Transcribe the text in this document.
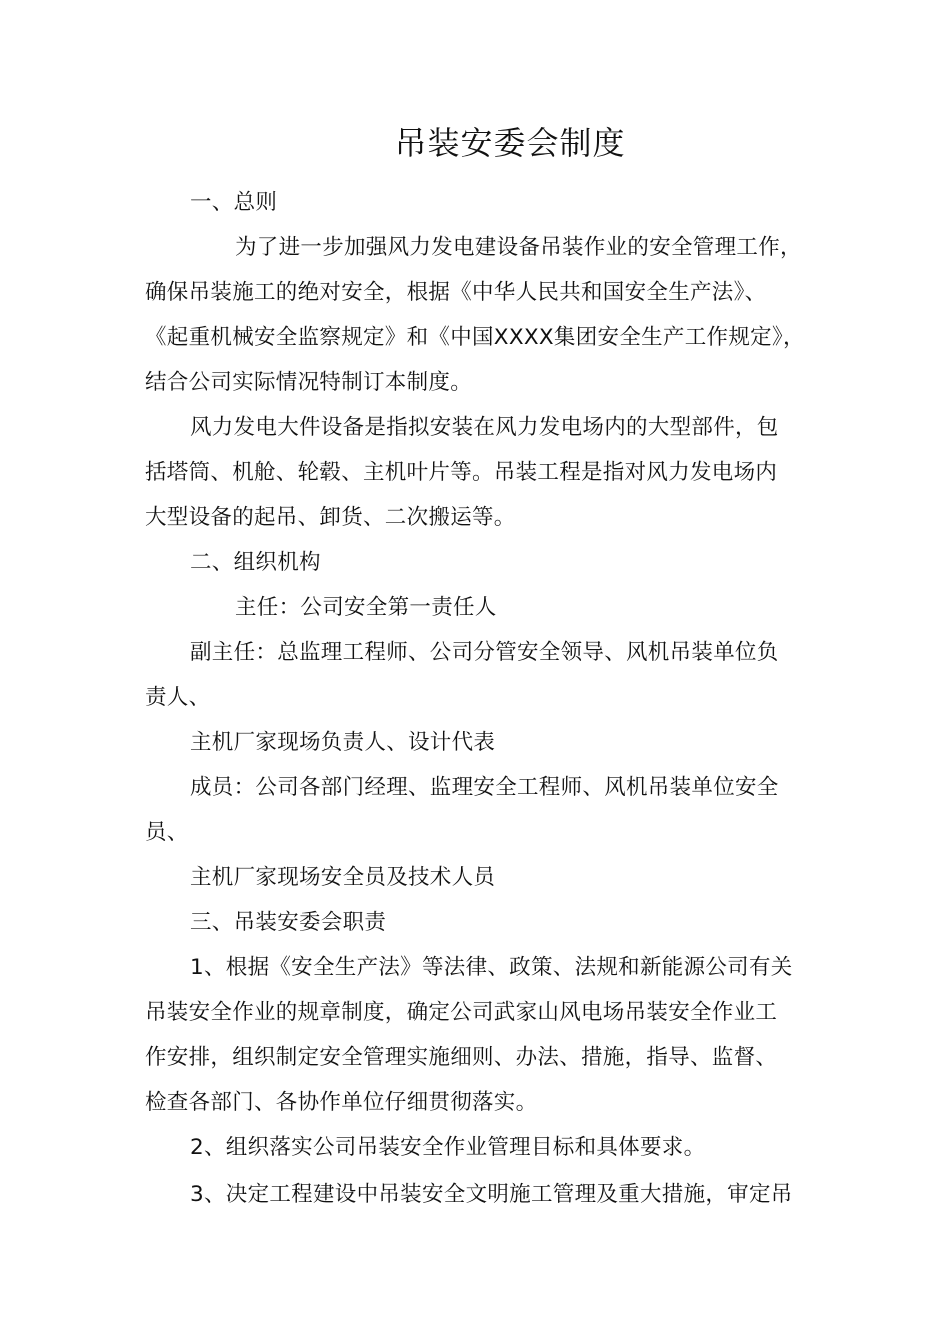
吊装安委会制度
一、总则
为了进一步加强风力发电建设备吊装作业的安全管理工作，
确保吊装施工的绝对安全，根据《中华人民共和国安全生产法》、
《起重机械安全监察规定》和《中国XXXX集团安全生产工作规定》，
结合公司实际情况特制订本制度。
风力发电大件设备是指拟安装在风力发电场内的大型部件，包
括塔筒、机舱、轮毂、主机叶片等。吊装工程是指对风力发电场内
大型设备的起吊、卸货、二次搬运等。
二、组织机构
主任：公司安全第一责任人
副主任：总监理工程师、公司分管安全领导、风机吊装单位负
责人、
主机厂家现场负责人、设计代表
成员：公司各部门经理、监理安全工程师、风机吊装单位安全
员、
主机厂家现场安全员及技术人员
三、吊装安委会职责
1、根据《安全生产法》等法律、政策、法规和新能源公司有关
吊装安全作业的规章制度，确定公司武家山风电场吊装安全作业工
作安排，组织制定安全管理实施细则、办法、措施，指导、监督、
检查各部门、各协作单位仔细贯彻落实。
2、组织落实公司吊装安全作业管理目标和具体要求。
3、决定工程建设中吊装安全文明施工管理及重大措施，审定吊
